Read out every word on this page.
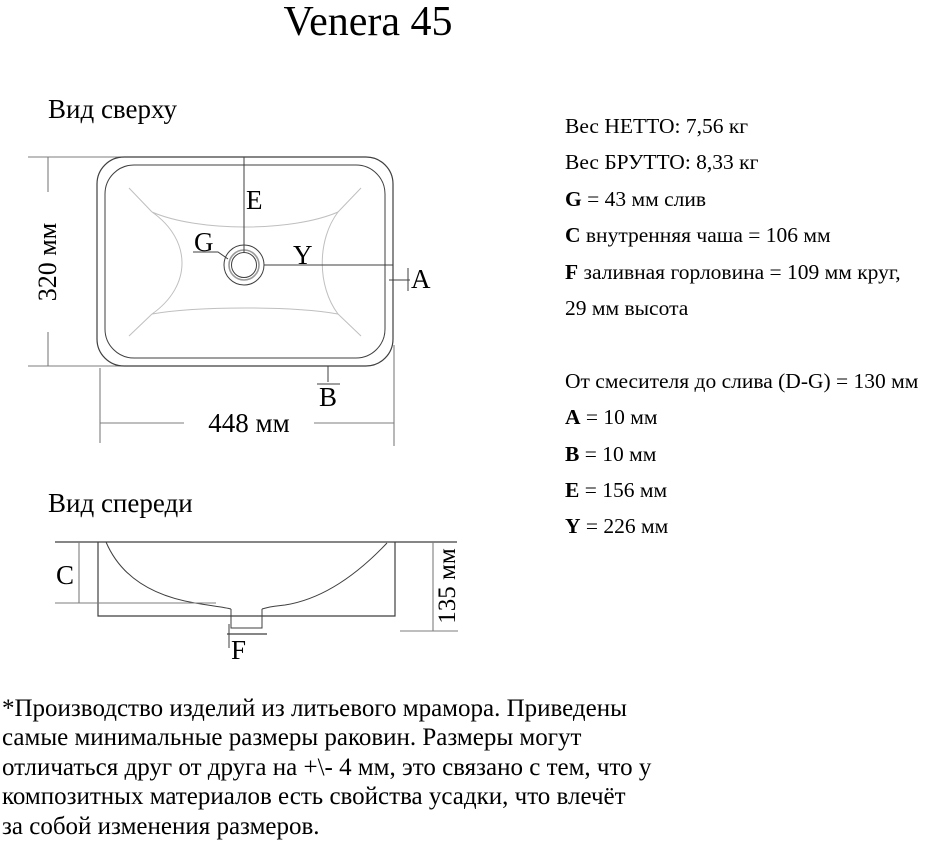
Venera 45
Вид сверху
Вид спереди
320 мм
448 мм
135 мм
E
G	Y
A
B
C
F
Вес НЕТТО: 7,56 кг
Вес БРУТТО: 8,33 кг
G = 43 мм слив
C внутренняя чаша = 106 мм
F заливная горловина = 109 мм круг,
29 мм высота
От смесителя до слива (D-G) = 130 мм
A = 10 мм
B = 10 мм
E = 156 мм
Y = 226 мм
*Производство изделий из литьевого мрамора. Приведены
самые минимальные размеры раковин. Размеры могут
отличаться друг от друга на +\- 4 мм, это связано с тем, что у
композитных материалов есть свойства усадки, что влечёт
за собой изменения размеров.
